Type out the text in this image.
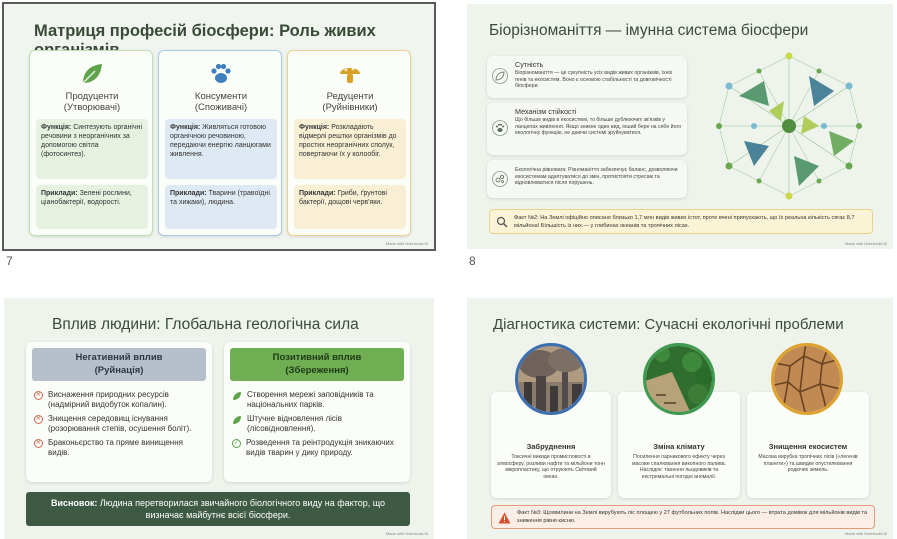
Матриця професій біосфери: Роль живих
Продуценти
(Утворювачі)
Функція: Синтезують органічні речовини з неорганічних за допомогою світла (фотосинтез).
Приклади: Зелені рослини, ціанобактерії, водорості.
Консументи
(Споживачі)
Функція: Живляться готовою органічною речовиною, передаючи енергію ланцюгами живлення.
Приклади: Тварини (травоїдні та хижаки), людина.
Редуценти
(Руйнівники)
Функція: Розкладають відмерлі рештки організмів до простих неорганічних сполук, повертаючи їх у колообіг.
Приклади: Гриби, ґрунтові бактерії, дощові черв'яки.
Made with NotebookLM
7
Біорізноманіття — імунна система біосфери
Сутність
Біорізноманіття — це сукупність усіх видів живих організмів, їхніх генів та екосистем. Воно є основою стабільності та довговічності біосфери.
Механізм стійкості
Що більше видів в екосистемі, то більше дублюючих зв'язків у ланцюгах живлення. Якщо зникне один вид, інший бере на себе його екологічну функцію, не даючи системі зруйнуватися.
Екологічна рівновага: Різноманіття забезпечує баланс, дозволяючи екосистемам адаптуватися до змін, протистояти стресам та відновлюватися після порушень.
Факт №2: На Землі офіційно описано близько 1,7 млн видів живих істот, проте вчені припускають, що їх реальна кількість сягає 8,7 мільйона! Більшість із них — у глибинах океанів та тропічних лісах.
Made with NotebookLM
8
Вплив людини: Глобальна геологічна сила
Негативний вплив
(Руйнація)
✕ Виснаження природних ресурсів (надмірний видобуток копалин).
✕ Знищення середовищ існування (розорювання степів, осушення боліт).
✕ Браконьєрство та пряме винищення видів.
Позитивний вплив
(Збереження)
Створення мережі заповідників та національних парків.
Штучне відновлення лісів (лісовідновлення).
✓ Розведення та реінтродукція зникаючих видів тварин у дику природу.
Висновок: Людина перетворилася звичайного біологічного виду на фактор, що визначає майбутнє всієї біосфери.
Made with NotebookLM
Діагностика системи: Сучасні екологічні проблеми
Забруднення
Токсичні викиди промисловості в атмосферу, розливи нафти та мільйони тонн мікропластику, що отруюють Світовий океан.
Зміна клімату
Посилення парникового ефекту через масове спалювання викопного палива. Наслідок: танення льодовиків та екстремальні погодні аномалії.
Знищення екосистем
Масова вирубка тропічних лісів («легенів планети») та швидке опустелювання родючих земель.
Факт №3: Щохвилини на Землі вирубують ліс площею у 27 футбольних полів. Наслідки цього — втрата домівок для мільйонів видів та зниження рівня кисню.
Made with NotebookLM
